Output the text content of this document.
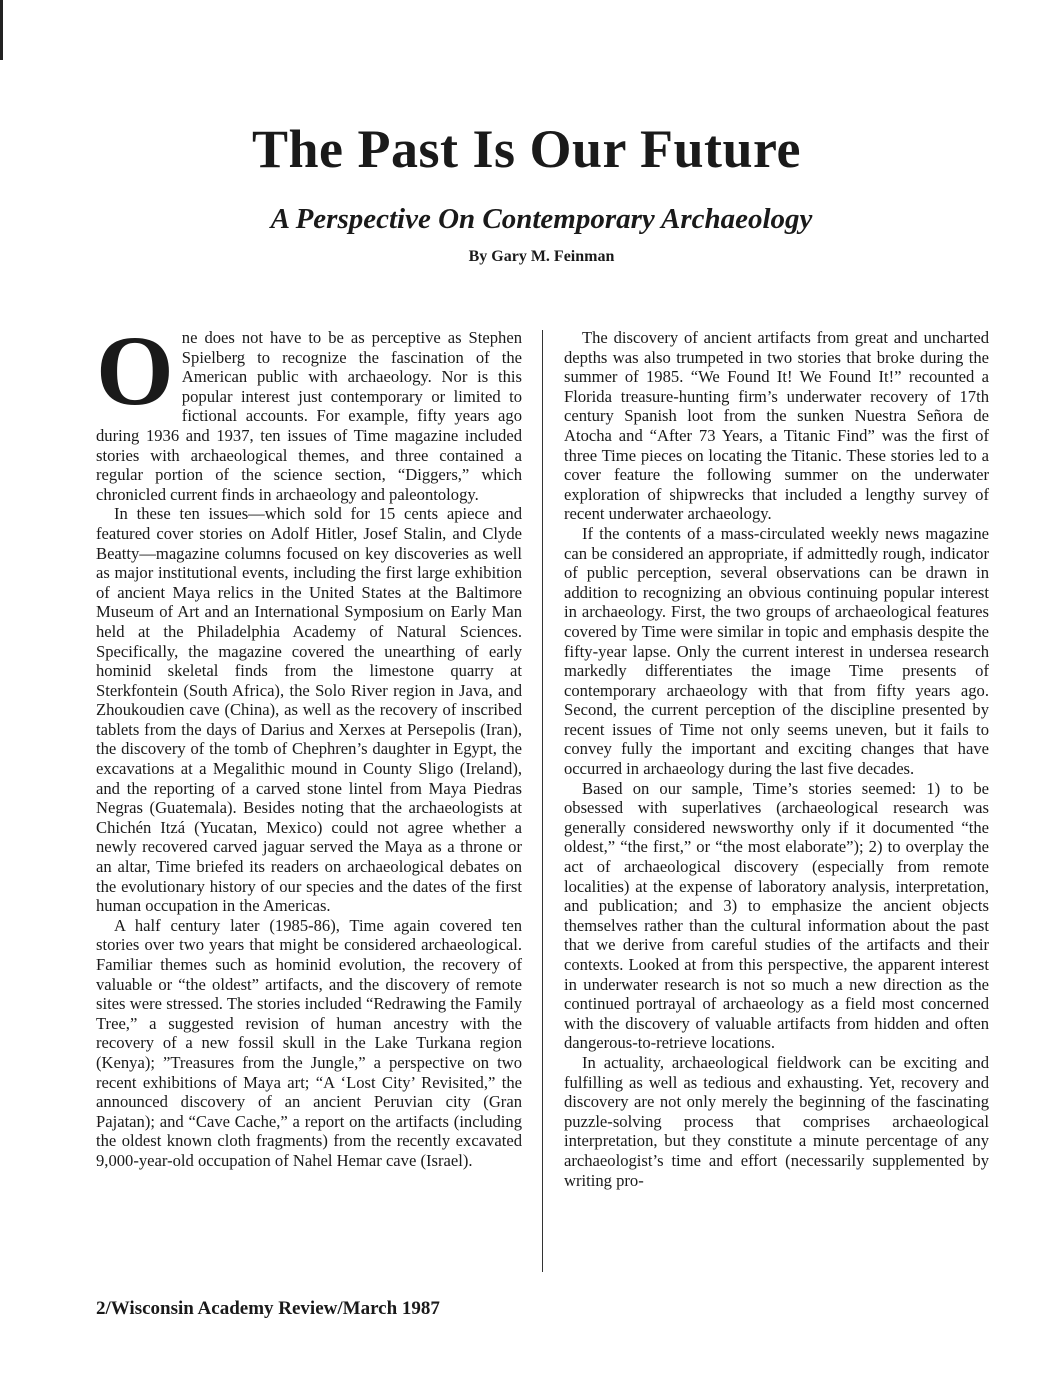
The Past Is Our Future
A Perspective On Contemporary Archaeology
By Gary M. Feinman

One does not have to be as perceptive as Stephen Spielberg to recognize the fascination of the American public with archaeology. Nor is this popular interest just contemporary or limited to fictional accounts. For example, fifty years ago during 1936 and 1937, ten issues of Time magazine included stories with archaeological themes, and three contained a regular portion of the science section, “Diggers,” which chronicled current finds in archaeology and paleontology.

In these ten issues—which sold for 15 cents apiece and featured cover stories on Adolf Hitler, Josef Stalin, and Clyde Beatty—magazine columns focused on key discoveries as well as major institutional events, including the first large exhibition of ancient Maya relics in the United States at the Baltimore Museum of Art and an International Symposium on Early Man held at the Philadelphia Academy of Natural Sciences. Specifically, the magazine covered the unearthing of early hominid skeletal finds from the limestone quarry at Sterkfontein (South Africa), the Solo River region in Java, and Zhoukoudien cave (China), as well as the recovery of inscribed tablets from the days of Darius and Xerxes at Persepolis (Iran), the discovery of the tomb of Chephren’s daughter in Egypt, the excavations at a Megalithic mound in County Sligo (Ireland), and the reporting of a carved stone lintel from Maya Piedras Negras (Guatemala). Besides noting that the archaeologists at Chichén Itzá (Yucatan, Mexico) could not agree whether a newly recovered carved jaguar served the Maya as a throne or an altar, Time briefed its readers on archaeological debates on the evolutionary history of our species and the dates of the first human occupation in the Americas.

A half century later (1985-86), Time again covered ten stories over two years that might be considered archaeological. Familiar themes such as hominid evolution, the recovery of valuable or “the oldest” artifacts, and the discovery of remote sites were stressed. The stories included “Redrawing the Family Tree,” a suggested revision of human ancestry with the recovery of a new fossil skull in the Lake Turkana region (Kenya); ”Treasures from the Jungle,” a perspective on two recent exhibitions of Maya art; “A ‘Lost City’ Revisited,” the announced discovery of an ancient Peruvian city (Gran Pajatan); and “Cave Cache,” a report on the artifacts (including the oldest known cloth fragments) from the recently excavated 9,000-year-old occupation of Nahel Hemar cave (Israel).

The discovery of ancient artifacts from great and uncharted depths was also trumpeted in two stories that broke during the summer of 1985. “We Found It! We Found It!” recounted a Florida treasure-hunting firm’s underwater recovery of 17th century Spanish loot from the sunken Nuestra Señora de Atocha and “After 73 Years, a Titanic Find” was the first of three Time pieces on locating the Titanic. These stories led to a cover feature the following summer on the underwater exploration of shipwrecks that included a lengthy survey of recent underwater archaeology.

If the contents of a mass-circulated weekly news magazine can be considered an appropriate, if admittedly rough, indicator of public perception, several observations can be drawn in addition to recognizing an obvious continuing popular interest in archaeology. First, the two groups of archaeological features covered by Time were similar in topic and emphasis despite the fifty-year lapse. Only the current interest in undersea research markedly differentiates the image Time presents of contemporary archaeology with that from fifty years ago. Second, the current perception of the discipline presented by recent issues of Time not only seems uneven, but it fails to convey fully the important and exciting changes that have occurred in archaeology during the last five decades.

Based on our sample, Time’s stories seemed: 1) to be obsessed with superlatives (archaeological research was generally considered newsworthy only if it documented “the oldest,” “the first,” or “the most elaborate”); 2) to overplay the act of archaeological discovery (especially from remote localities) at the expense of laboratory analysis, interpretation, and publication; and 3) to emphasize the ancient objects themselves rather than the cultural information about the past that we derive from careful studies of the artifacts and their contexts. Looked at from this perspective, the apparent interest in underwater research is not so much a new direction as the continued portrayal of archaeology as a field most concerned with the discovery of valuable artifacts from hidden and often dangerous-to-retrieve locations.

In actuality, archaeological fieldwork can be exciting and fulfilling as well as tedious and exhausting. Yet, recovery and discovery are not only merely the beginning of the fascinating puzzle-solving process that comprises archaeological interpretation, but they constitute a minute percentage of any archaeologist’s time and effort (necessarily supplemented by writing pro-

2/Wisconsin Academy Review/March 1987
